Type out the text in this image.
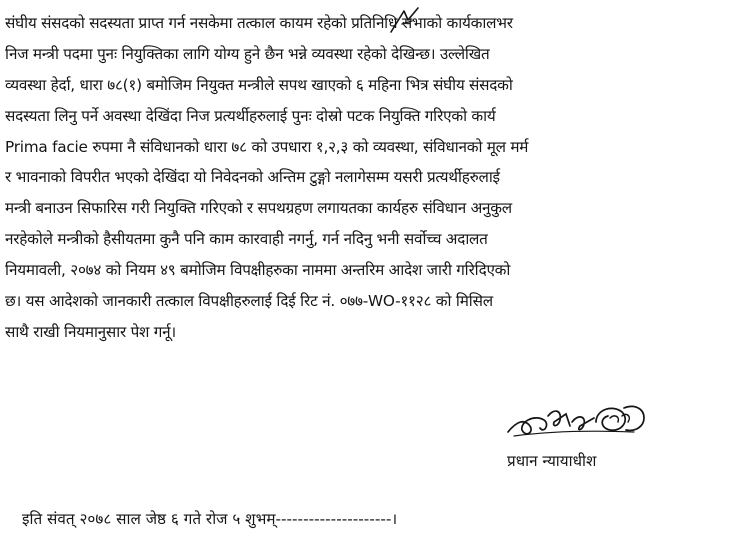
संघीय संसदको सदस्यता प्राप्त गर्न नसकेमा तत्काल कायम रहेको प्रतिनिधि सभाको कार्यकालभर
निज मन्त्री पदमा पुनः नियुक्तिका लागि योग्य हुने छैन भन्ने व्यवस्था रहेको देखिन्छ। उल्लेखित
व्यवस्था हेर्दा, धारा ७८(१) बमोजिम नियुक्त मन्त्रीले सपथ खाएको ६ महिना भित्र संघीय संसदको
सदस्यता लिनु पर्ने अवस्था देखिंदा निज प्रत्यर्थीहरुलाई पुनः दोस्रो पटक नियुक्ति गरिएको कार्य
Prima facie रुपमा नै संविधानको धारा ७८ को उपधारा १,२,३ को व्यवस्था, संविधानको मूल मर्म
र भावनाको विपरीत भएको देखिंदा यो निवेदनको अन्तिम टुङ्गो नलागेसम्म यसरी प्रत्यर्थीहरुलाई
मन्त्री बनाउन सिफारिस गरी नियुक्ति गरिएको र सपथग्रहण लगायतका कार्यहरु संविधान अनुकुल
नरहेकोले मन्त्रीको हैसीयतमा कुनै पनि काम कारवाही नगर्नु, गर्न नदिनु भनी सर्वोच्च अदालत
नियमावली, २०७४ को नियम ४९ बमोजिम विपक्षीहरुका नाममा अन्तरिम आदेश जारी गरिदिएको
छ। यस आदेशको जानकारी तत्काल विपक्षीहरुलाई दिई रिट नं. ०७७-WO-११२८ को मिसिल
साथै राखी नियमानुसार पेश गर्नू।
प्रधान न्यायाधीश
इति संवत् २०७८ साल जेष्ठ ६ गते रोज ५ शुभम्---------------------।
